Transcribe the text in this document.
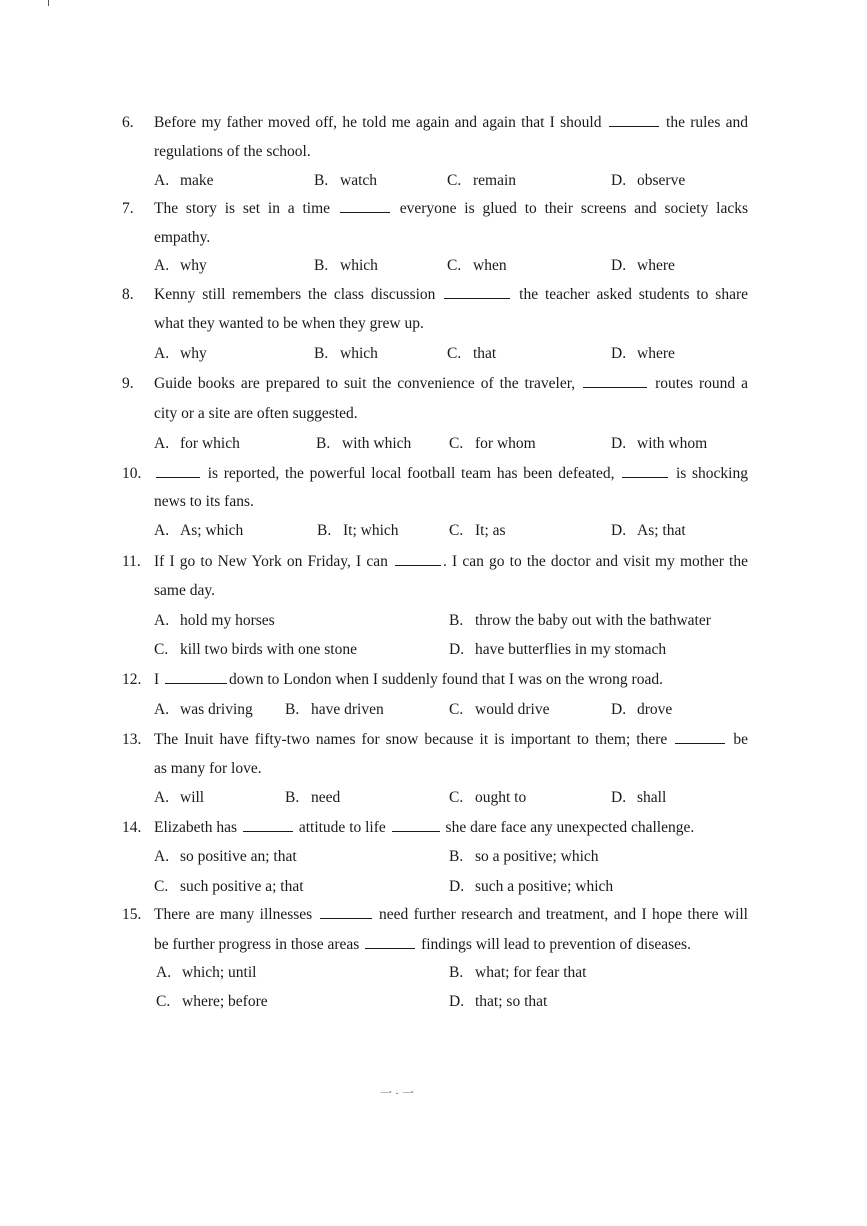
6.	Before my father moved off, he told me again and again that I should	the rules and
regulations of the school.
A. make	B. watch	C. remain	D. observe
7.	The story is set in a time	everyone is glued to their screens and society lacks
empathy.
A. why	B. which	C. when	D. where
8.	Kenny still remembers the class discussion	the teacher asked students to share
what they wanted to be when they grew up.
A. why	B. which	C. that	D. where
9.	Guide books are prepared to suit the convenience of the traveler,	routes round a
city or a site are often suggested.
A. for which	B. with which C. for whom	D. with whom
10.	is reported, the powerful local football team has been defeated,	is shocking
news to its fans.
A. As; which	B. It; which	C. It; as	D. As; that
11. If I go to New York on Friday, I can	. I can go to the doctor and visit my mother the
same day.
A. hold my horses	B. throw the baby out with the bathwater
C. kill two birds with one stone	D. have butterflies in my stomach
12. I	down to London when I suddenly found that I was on the wrong road.
A. was driving B. have driven	C. would drive	D. drove
13. The Inuit have fifty-two names for snow because it is important to them; there	be
as many for love.
A. will	B. need	C. ought to	D. shall
14. Elizabeth has	attitude to life	she dare face any unexpected challenge.
A. so positive an; that	B. so a positive; which
C. such positive a; that	D. such a positive; which
15. There are many illnesses	need further research and treatment, and I hope there will
be further progress in those areas	findings will lead to prevention of diseases.
A. which; until	B. what; for fear that
C. where; before	D. that; so that
一 · 一
